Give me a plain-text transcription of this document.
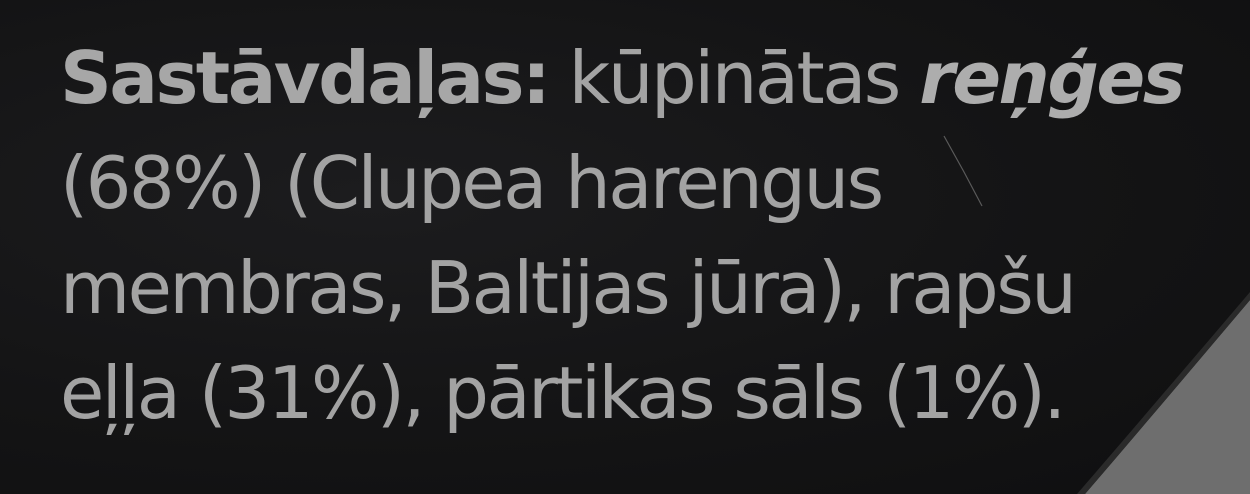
Sastāvdaļas: kūpinātas reņģes
(68%) (Clupea harengus
membras, Baltijas jūra), rapšu
eļļa (31%), pārtikas sāls (1%).
